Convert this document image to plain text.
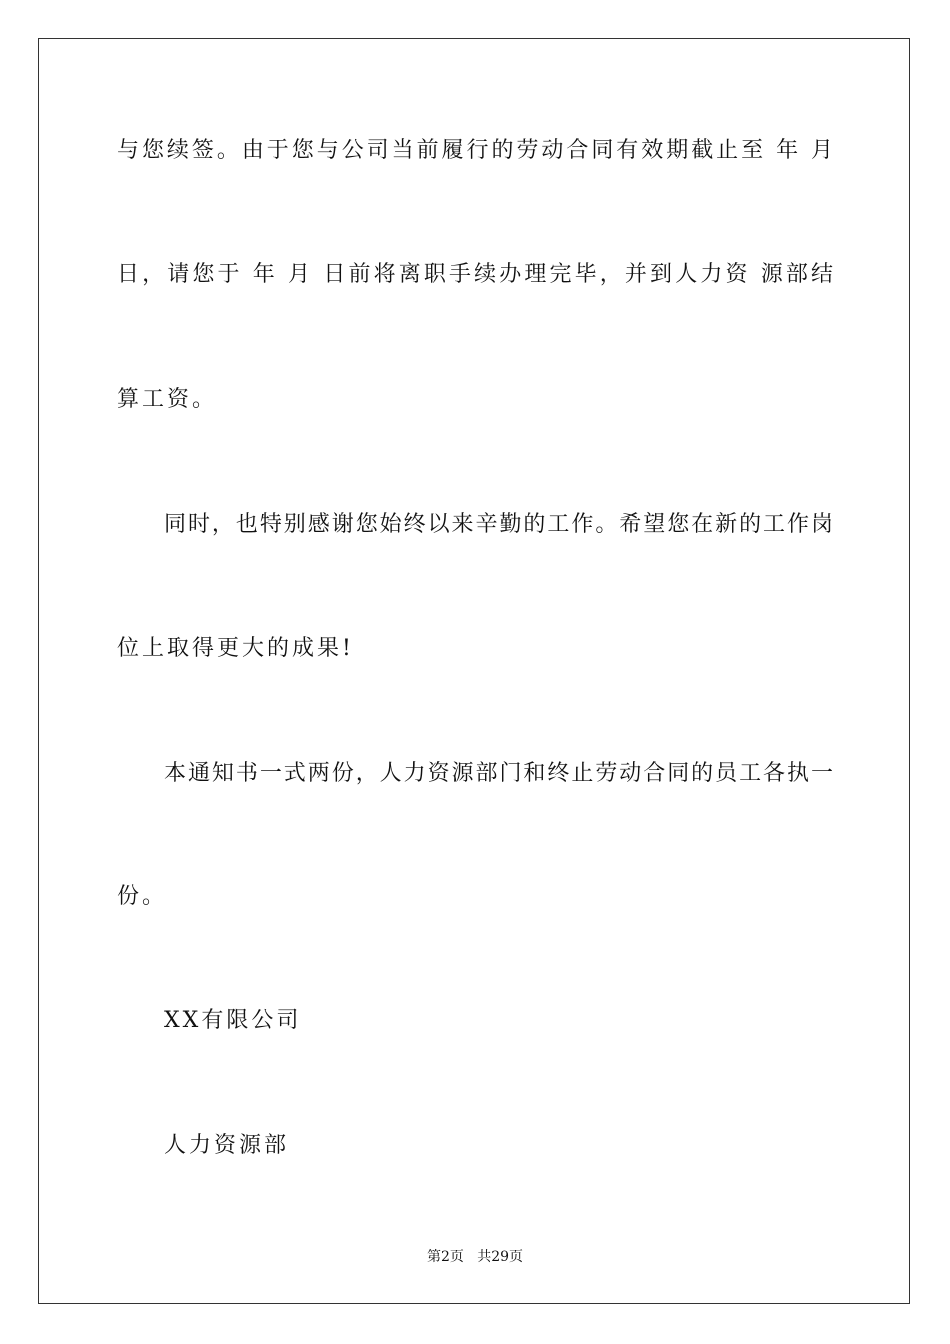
与您续签。由于您与公司当前履行的劳动合同有效期截止至 年 月
日，请您于 年 月 日前将离职手续办理完毕，并到人力资 源部结
算工资。
同时，也特别感谢您始终以来辛勤的工作。希望您在新的工作岗
位上取得更大的成果!
本通知书一式两份，人力资源部门和终止劳动合同的员工各执一
份。
XX有限公司
人力资源部
第2页   共29页
